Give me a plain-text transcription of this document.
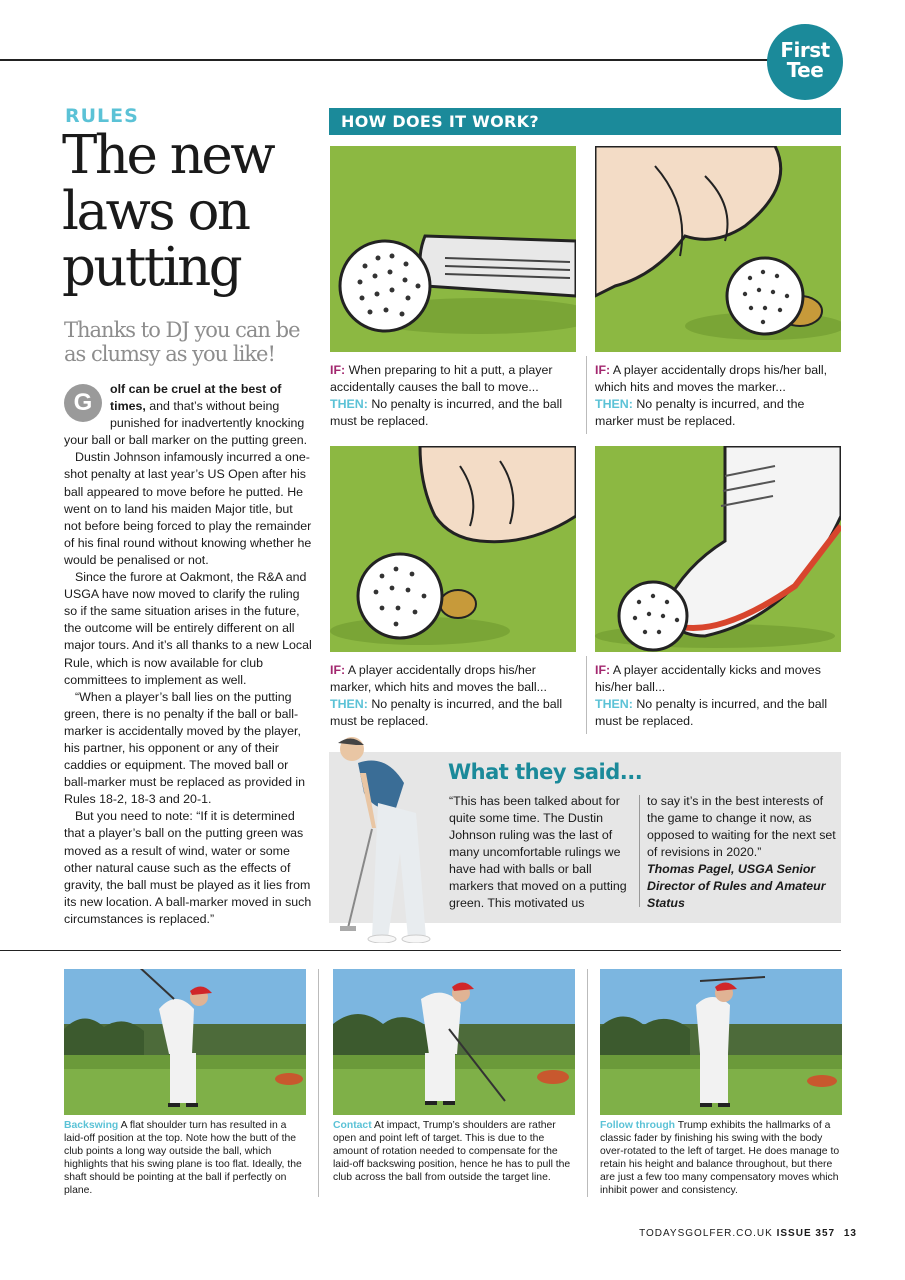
First
Tee
RULES
The new
laws on
putting
Thanks to DJ you can be
as clumsy as you like!

G	olf can be cruel at the best of times, and that’s without being punished for inadvertently knocking your ball or ball marker on the putting green.

Dustin Johnson infamously incurred a one-shot penalty at last year’s US Open after his ball appeared to move before he putted. He went on to land his maiden Major title, but not before being forced to play the remainder of his final round without knowing whether he would be penalised or not.

Since the furore at Oakmont, the R&A and USGA have now moved to clarify the ruling so if the same situation arises in the future, the outcome will be entirely different on all major tours. And it’s all thanks to a new Local Rule, which is now available for club committees to implement as well.

“When a player’s ball lies on the putting green, there is no penalty if the ball or ball-marker is accidentally moved by the player, his partner, his opponent or any of their caddies or equipment. The moved ball or ball-marker must be replaced as provided in Rules 18-2, 18-3 and 20-1.

But you need to note: “If it is determined that a player’s ball on the putting green was moved as a result of wind, water or some other natural cause such as the effects of gravity, the ball must be played as it lies from its new location. A ball-marker moved in such circumstances is replaced.”

HOW DOES IT WORK?
IF: When preparing to hit a putt, a player accidentally causes the ball to move...
THEN: No penalty is incurred, and the ball must be replaced.
IF: A player accidentally drops his/her ball, which hits and moves the marker...
THEN: No penalty is incurred, and the marker must be replaced.
IF: A player accidentally drops his/her marker, which hits and moves the ball...
THEN: No penalty is incurred, and the ball must be replaced.
IF: A player accidentally kicks and moves his/her ball...
THEN: No penalty is incurred, and the ball must be replaced.
What they said...
“This has been talked about for quite some time. The Dustin Johnson ruling was the last of many uncomfortable rulings we have had with balls or ball markers that moved on a putting green. This motivated us
to say it’s in the best interests of the game to change it now, as opposed to waiting for the next set of revisions in 2020.”
Thomas Pagel, USGA Senior Director of Rules and Amateur Status
Backswing A flat shoulder turn has resulted in a laid-off position at the top. Note how the butt of the club points a long way outside the ball, which highlights that his swing plane is too flat. Ideally, the shaft should be pointing at the ball if perfectly on plane.
Contact At impact, Trump’s shoulders are rather open and point left of target. This is due to the amount of rotation needed to compensate for the laid-off backswing position, hence he has to pull the club across the ball from outside the target line.
Follow through Trump exhibits the hallmarks of a classic fader by finishing his swing with the body over-rotated to the left of target. He does manage to retain his height and balance throughout, but there are just a few too many compensatory moves which inhibit power and consistency.
TODAYSGOLFER.CO.UK ISSUE 357 13
